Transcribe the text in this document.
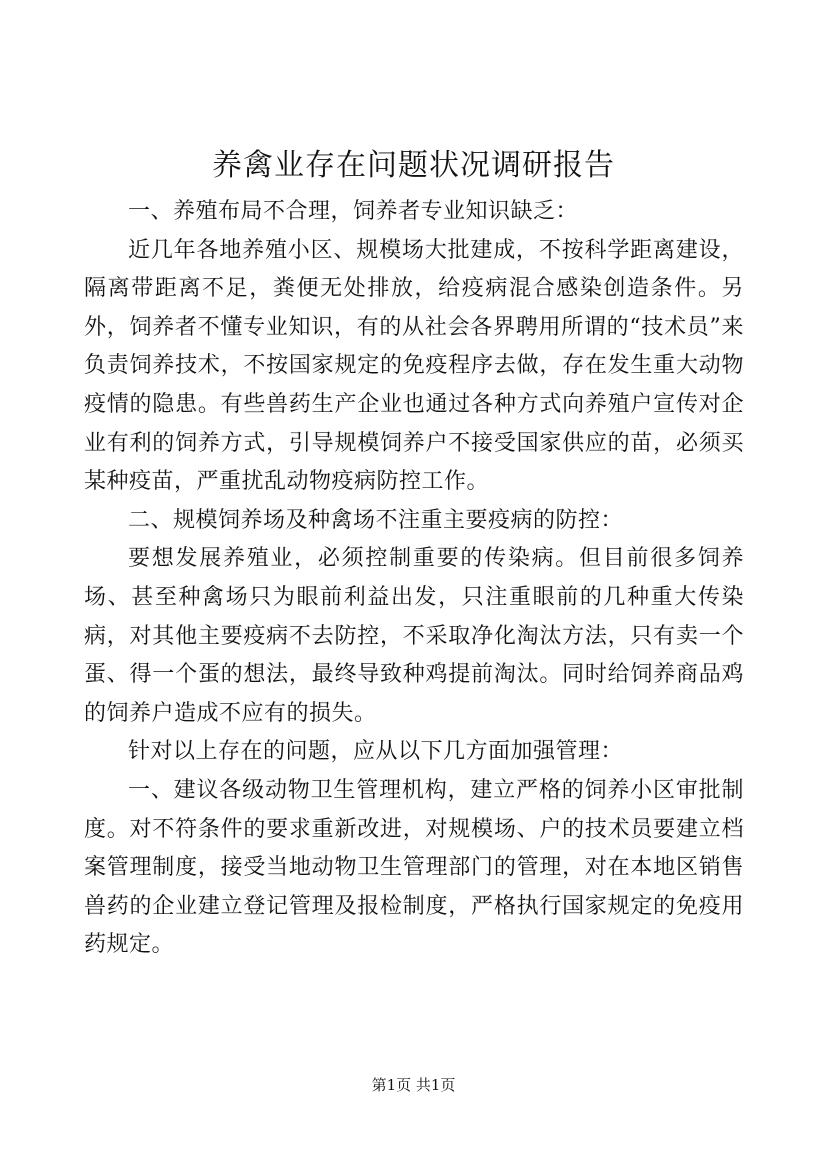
养禽业存在问题状况调研报告

一、养殖布局不合理，饲养者专业知识缺乏：

近几年各地养殖小区、规模场大批建成，不按科学距离建设，隔离带距离不足，粪便无处排放，给疫病混合感染创造条件。另外，饲养者不懂专业知识，有的从社会各界聘用所谓的“技术员”来负责饲养技术，不按国家规定的免疫程序去做，存在发生重大动物疫情的隐患。有些兽药生产企业也通过各种方式向养殖户宣传对企业有利的饲养方式，引导规模饲养户不接受国家供应的苗，必须买某种疫苗，严重扰乱动物疫病防控工作。

二、规模饲养场及种禽场不注重主要疫病的防控：

要想发展养殖业，必须控制重要的传染病。但目前很多饲养场、甚至种禽场只为眼前利益出发，只注重眼前的几种重大传染病，对其他主要疫病不去防控，不采取净化淘汰方法，只有卖一个蛋、得一个蛋的想法，最终导致种鸡提前淘汰。同时给饲养商品鸡的饲养户造成不应有的损失。

针对以上存在的问题，应从以下几方面加强管理：

一、建议各级动物卫生管理机构，建立严格的饲养小区审批制度。对不符条件的要求重新改进，对规模场、户的技术员要建立档案管理制度，接受当地动物卫生管理部门的管理，对在本地区销售兽药的企业建立登记管理及报检制度，严格执行国家规定的免疫用药规定。

第1页 共1页
